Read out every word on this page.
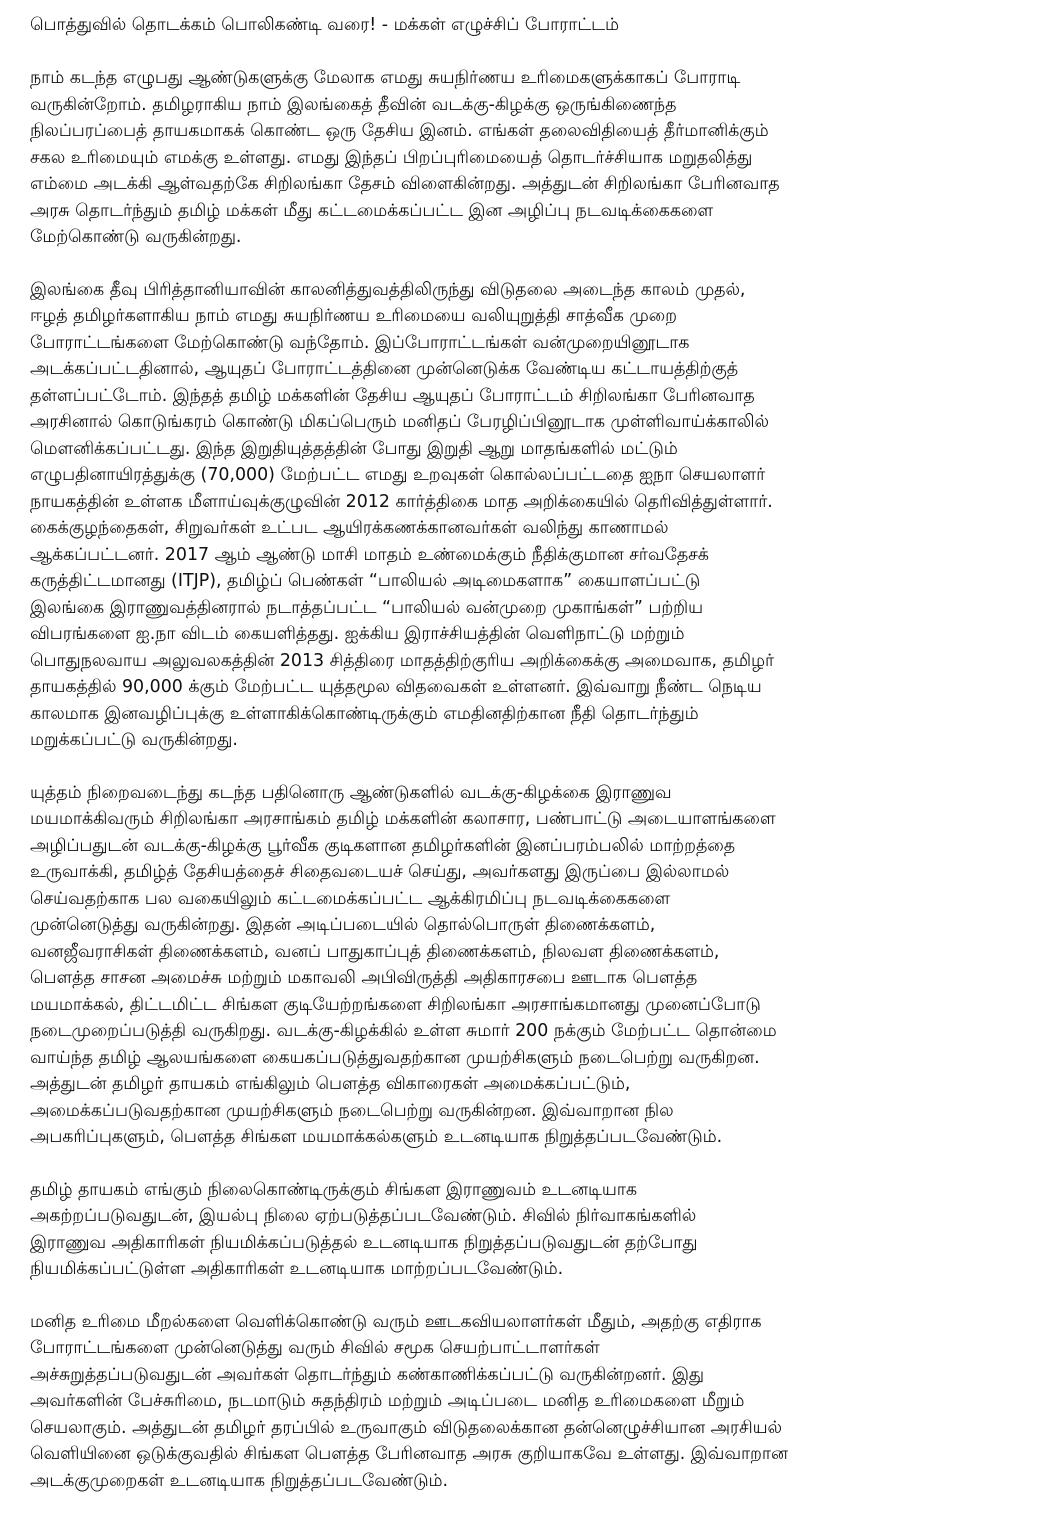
பொத்துவில் தொடக்கம் பொலிகண்டி வரை! - மக்கள் எழுச்சிப் போராட்டம்
நாம் கடந்த எழுபது ஆண்டுகளுக்கு மேலாக எமது சுயநிர்ணய உரிமைகளுக்காகப் போராடி
வருகின்றோம். தமிழராகிய நாம் இலங்கைத் தீவின் வடக்கு-கிழக்கு ஒருங்கிணைந்த
நிலப்பரப்பைத் தாயகமாகக் கொண்ட ஒரு தேசிய இனம். எங்கள் தலைவிதியைத் தீர்மானிக்கும்
சகல உரிமையும் எமக்கு உள்ளது. எமது இந்தப் பிறப்புரிமையைத் தொடர்ச்சியாக மறுதலித்து
எம்மை அடக்கி ஆள்வதற்கே சிறிலங்கா தேசம் விளைகின்றது. அத்துடன் சிறிலங்கா பேரினவாத
அரசு தொடர்ந்தும் தமிழ் மக்கள் மீது கட்டமைக்கப்பட்ட இன அழிப்பு நடவடிக்கைகளை
மேற்கொண்டு வருகின்றது.
இலங்கை தீவு பிரித்தானியாவின் காலனித்துவத்திலிருந்து விடுதலை அடைந்த காலம் முதல்,
ஈழத் தமிழர்களாகிய நாம் எமது சுயநிர்ணய உரிமையை வலியுறுத்தி சாத்வீக முறை
போராட்டங்களை மேற்கொண்டு வந்தோம். இப்போராட்டங்கள் வன்முறையினூடாக
அடக்கப்பட்டதினால், ஆயுதப் போராட்டத்தினை முன்னெடுக்க வேண்டிய கட்டாயத்திற்குத்
தள்ளப்பட்டோம். இந்தத் தமிழ் மக்களின் தேசிய ஆயுதப் போராட்டம் சிறிலங்கா பேரினவாத
அரசினால் கொடுங்கரம் கொண்டு மிகப்பெரும் மனிதப் பேரழிப்பினூடாக முள்ளிவாய்க்காலில்
மௌனிக்கப்பட்டது. இந்த இறுதியுத்தத்தின் போது இறுதி ஆறு மாதங்களில் மட்டும்
எழுபதினாயிரத்துக்கு (70,000) மேற்பட்ட எமது உறவுகள் கொல்லப்பட்டதை ஐநா செயலாளர்
நாயகத்தின் உள்ளக மீளாய்வுக்குழுவின் 2012 கார்த்திகை மாத அறிக்கையில் தெரிவித்துள்ளார்.
கைக்குழந்தைகள், சிறுவர்கள் உட்பட ஆயிரக்கணக்கானவர்கள் வலிந்து காணாமல்
ஆக்கப்பட்டனர். 2017 ஆம் ஆண்டு மாசி மாதம் உண்மைக்கும் நீதிக்குமான சர்வதேசக்
கருத்திட்டமானது (ITJP), தமிழ்ப் பெண்கள் “பாலியல் அடிமைகளாக” கையாளப்பட்டு
இலங்கை இராணுவத்தினரால் நடாத்தப்பட்ட “பாலியல் வன்முறை முகாங்கள்” பற்றிய
விபரங்களை ஐ.நா விடம் கையளித்தது. ஐக்கிய இராச்சியத்தின் வெளிநாட்டு மற்றும்
பொதுநலவாய அலுவலகத்தின் 2013 சித்திரை மாதத்திற்குரிய அறிக்கைக்கு அமைவாக, தமிழர்
தாயகத்தில் 90,000 க்கும் மேற்பட்ட யுத்தமூல விதவைகள் உள்ளனர். இவ்வாறு நீண்ட நெடிய
காலமாக இனவழிப்புக்கு உள்ளாகிக்கொண்டிருக்கும் எமதினதிற்கான நீதி தொடர்ந்தும்
மறுக்கப்பட்டு வருகின்றது.
யுத்தம் நிறைவடைந்து கடந்த பதினொரு ஆண்டுகளில் வடக்கு-கிழக்கை இராணுவ
மயமாக்கிவரும் சிறிலங்கா அரசாங்கம் தமிழ் மக்களின் கலாசார, பண்பாட்டு அடையாளங்களை
அழிப்பதுடன் வடக்கு-கிழக்கு பூர்வீக குடிகளான தமிழர்களின் இனப்பரம்பலில் மாற்றத்தை
உருவாக்கி, தமிழ்த் தேசியத்தைச் சிதைவடையச் செய்து, அவர்களது இருப்பை இல்லாமல்
செய்வதற்காக பல வகையிலும் கட்டமைக்கப்பட்ட ஆக்கிரமிப்பு நடவடிக்கைகளை
முன்னெடுத்து வருகின்றது. இதன் அடிப்படையில் தொல்பொருள் திணைக்களம்,
வனஜீவராசிகள் திணைக்களம், வனப் பாதுகாப்புத் திணைக்களம், நிலவள திணைக்களம்,
பௌத்த சாசன அமைச்சு மற்றும் மகாவலி அபிவிருத்தி அதிகாரசபை ஊடாக பௌத்த
மயமாக்கல், திட்டமிட்ட சிங்கள குடியேற்றங்களை சிறிலங்கா அரசாங்கமானது முனைப்போடு
நடைமுறைப்படுத்தி வருகிறது. வடக்கு-கிழக்கில் உள்ள சுமார் 200 நக்கும் மேற்பட்ட தொன்மை
வாய்ந்த தமிழ் ஆலயங்களை கையகப்படுத்துவதற்கான முயற்சிகளும் நடைபெற்று வருகிறன.
அத்துடன் தமிழர் தாயகம் எங்கிலும் பௌத்த விகாரைகள் அமைக்கப்பட்டும்,
அமைக்கப்படுவதற்கான முயற்சிகளும் நடைபெற்று வருகின்றன. இவ்வாறான நில
அபகரிப்புகளும், பௌத்த சிங்கள மயமாக்கல்களும் உடனடியாக நிறுத்தப்படவேண்டும்.
தமிழ் தாயகம் எங்கும் நிலைகொண்டிருக்கும் சிங்கள இராணுவம் உடனடியாக
அகற்றப்படுவதுடன், இயல்பு நிலை ஏற்படுத்தப்படவேண்டும். சிவில் நிர்வாகங்களில்
இராணுவ அதிகாரிகள் நியமிக்கப்படுத்தல் உடனடியாக நிறுத்தப்படுவதுடன் தற்போது
நியமிக்கப்பட்டுள்ள அதிகாரிகள் உடனடியாக மாற்றப்படவேண்டும்.
மனித உரிமை மீறல்களை வெளிக்கொண்டு வரும் ஊடகவியலாளர்கள் மீதும், அதற்கு எதிராக
போராட்டங்களை முன்னெடுத்து வரும் சிவில் சமூக செயற்பாட்டாளர்கள்
அச்சுறுத்தப்படுவதுடன் அவர்கள் தொடர்ந்தும் கண்காணிக்கப்பட்டு வருகின்றனர். இது
அவர்களின் பேச்சுரிமை, நடமாடும் சுதந்திரம் மற்றும் அடிப்படை மனித உரிமைகளை மீறும்
செயலாகும். அத்துடன் தமிழர் தரப்பில் உருவாகும் விடுதலைக்கான தன்னெழுச்சியான அரசியல்
வெளியினை ஒடுக்குவதில் சிங்கள பௌத்த பேரினவாத அரசு குறியாகவே உள்ளது. இவ்வாறான
அடக்குமுறைகள் உடனடியாக நிறுத்தப்படவேண்டும்.
